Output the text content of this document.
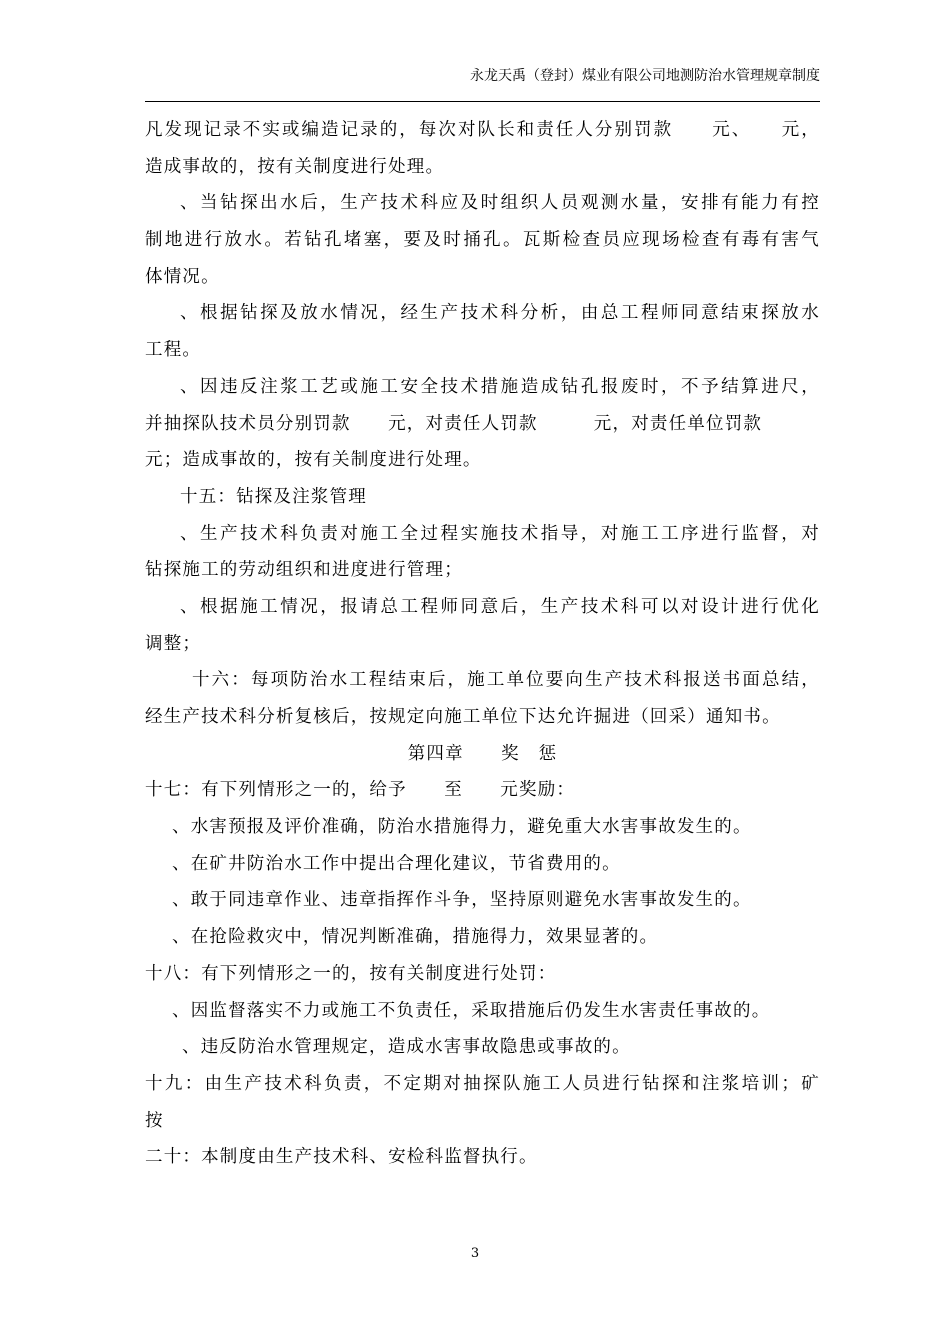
永龙天禹（登封）煤业有限公司地测防治水管理规章制度
凡发现记录不实或编造记录的，每次对队长和责任人分别罚款　　元、　　元，
造成事故的，按有关制度进行处理。
、当钻探出水后，生产技术科应及时组织人员观测水量，安排有能力有控
制地进行放水。若钻孔堵塞，要及时捅孔。瓦斯检查员应现场检查有毒有害气
体情况。
、根据钻探及放水情况，经生产技术科分析，由总工程师同意结束探放水
工程。
、因违反注浆工艺或施工安全技术措施造成钻孔报废时，不予结算进尺，
并抽探队技术员分别罚款　　元，对责任人罚款　　　元，对责任单位罚款
元；造成事故的，按有关制度进行处理。
十五：钻探及注浆管理
、生产技术科负责对施工全过程实施技术指导，对施工工序进行监督，对
钻探施工的劳动组织和进度进行管理；
、根据施工情况，报请总工程师同意后，生产技术科可以对设计进行优化
调整；
十六：每项防治水工程结束后，施工单位要向生产技术科报送书面总结，
经生产技术科分析复核后，按规定向施工单位下达允许掘进（回采）通知书。
第四章　　奖　惩
十七：有下列情形之一的，给予　　至　　元奖励：
、水害预报及评价准确，防治水措施得力，避免重大水害事故发生的。
、在矿井防治水工作中提出合理化建议，节省费用的。
、敢于同违章作业、违章指挥作斗争，坚持原则避免水害事故发生的。
、在抢险救灾中，情况判断准确，措施得力，效果显著的。
十八：有下列情形之一的，按有关制度进行处罚：
、因监督落实不力或施工不负责任，采取措施后仍发生水害责任事故的。
、违反防治水管理规定，造成水害事故隐患或事故的。
十九：由生产技术科负责，不定期对抽探队施工人员进行钻探和注浆培训；矿
按
二十：本制度由生产技术科、安检科监督执行。
3
